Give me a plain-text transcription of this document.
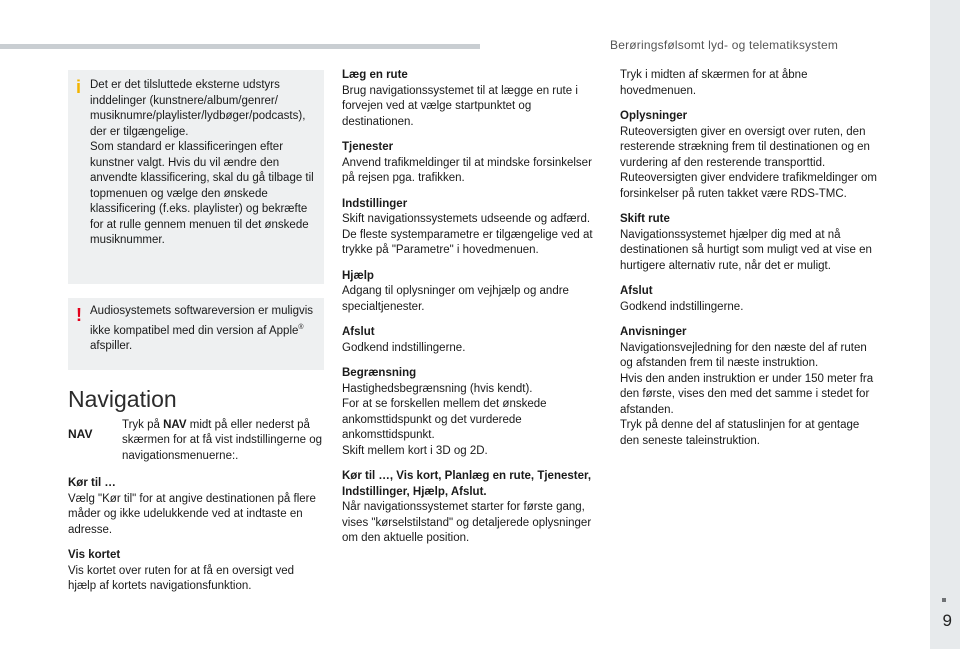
Berøringsfølsomt lyd- og telematiksystem
9
i Det er det tilsluttede eksterne udstyrs inddelinger (kunstnere/album/genrer/ musiknumre/playlister/lydbøger/podcasts), der er tilgængelige.
Som standard er klassificeringen efter kunstner valgt. Hvis du vil ændre den anvendte klassificering, skal du gå tilbage til topmenuen og vælge den ønskede klassificering (f.eks. playlister) og bekræfte for at rulle gennem menuen til det ønskede musiknummer.

! Audiosystemets softwareversion er muligvis ikke kompatibel med din version af Apple® afspiller.

Navigation
NAV
Tryk på NAV midt på eller nederst på skærmen for at få vist indstillingerne og navigationsmenuerne:.
Kør til …

Vælg "Kør til" for at angive destinationen på flere måder og ikke udelukkende ved at indtaste en adresse.

Vis kortet

Vis kortet over ruten for at få en oversigt ved hjælp af kortets navigationsfunktion.

Læg en rute

Brug navigationssystemet til at lægge en rute i forvejen ved at vælge startpunktet og destinationen.

Tjenester

Anvend trafikmeldinger til at mindske forsinkelser på rejsen pga. trafikken.

Indstillinger

Skift navigationssystemets udseende og adfærd.
De fleste systemparametre er tilgængelige ved at trykke på "Parametre" i hovedmenuen.

Hjælp

Adgang til oplysninger om vejhjælp og andre specialtjenester.

Afslut

Godkend indstillingerne.

Begrænsning

Hastighedsbegrænsning (hvis kendt).
For at se forskellen mellem det ønskede ankomsttidspunkt og det vurderede ankomsttidspunkt.
Skift mellem kort i 3D og 2D.

Kør til …, Vis kort, Planlæg en rute, Tjenester, Indstillinger, Hjælp, Afslut.

Når navigationssystemet starter for første gang, vises "kørselstilstand" og detaljerede oplysninger om den aktuelle position.

Tryk i midten af skærmen for at åbne hovedmenuen.

Oplysninger

Ruteoversigten giver en oversigt over ruten, den resterende strækning frem til destinationen og en vurdering af den resterende transporttid.
Ruteoversigten giver endvidere trafikmeldinger om forsinkelser på ruten takket være RDS-TMC.

Skift rute

Navigationssystemet hjælper dig med at nå destinationen så hurtigt som muligt ved at vise en hurtigere alternativ rute, når det er muligt.

Afslut

Godkend indstillingerne.

Anvisninger

Navigationsvejledning for den næste del af ruten og afstanden frem til næste instruktion.
Hvis den anden instruktion er under 150 meter fra den første, vises den med det samme i stedet for afstanden.
Tryk på denne del af statuslinjen for at gentage den seneste taleinstruktion.
